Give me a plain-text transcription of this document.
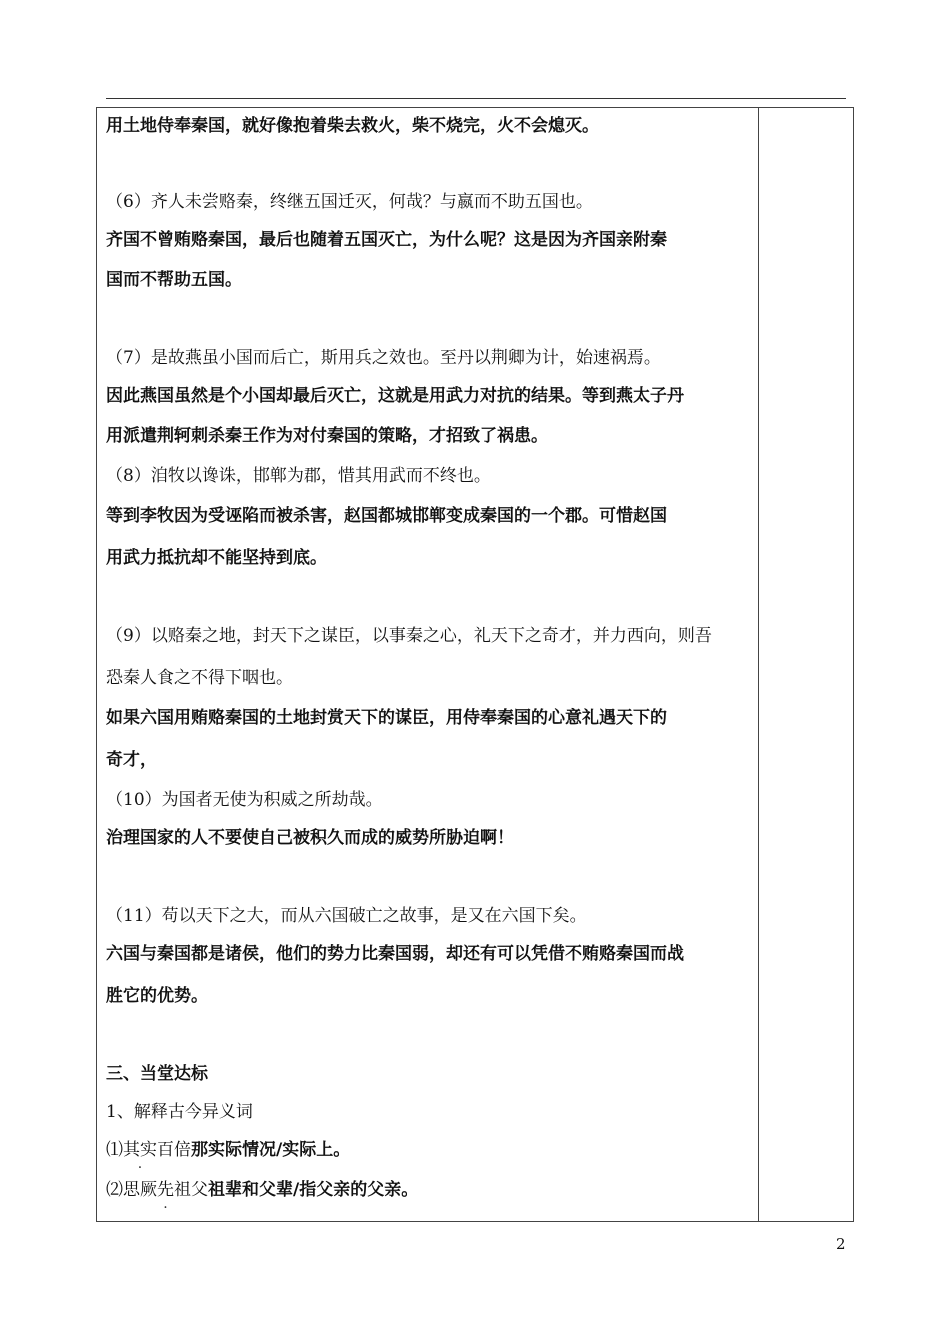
用土地侍奉秦国，就好像抱着柴去救火，柴不烧完，火不会熄灭。
（6）齐人未尝赂秦，终继五国迁灭，何哉？与嬴而不助五国也。
齐国不曾贿赂秦国，最后也随着五国灭亡，为什么呢？这是因为齐国亲附秦
国而不帮助五国。
（7）是故燕虽小国而后亡，斯用兵之效也。至丹以荆卿为计，始速祸焉。
因此燕国虽然是个小国却最后灭亡，这就是用武力对抗的结果。等到燕太子丹
用派遣荆轲刺杀秦王作为对付秦国的策略，才招致了祸患。
（8）洎牧以谗诛，邯郸为郡，惜其用武而不终也。
等到李牧因为受诬陷而被杀害，赵国都城邯郸变成秦国的一个郡。可惜赵国
用武力抵抗却不能坚持到底。
（9）以赂秦之地，封天下之谋臣，以事秦之心，礼天下之奇才，并力西向，则吾
恐秦人食之不得下咽也。
如果六国用贿赂秦国的土地封赏天下的谋臣，用侍奉秦国的心意礼遇天下的
奇才，
（10）为国者无使为积威之所劫哉。
治理国家的人不要使自己被积久而成的威势所胁迫啊！
（11）苟以天下之大，而从六国破亡之故事，是又在六国下矣。
六国与秦国都是诸侯，他们的势力比秦国弱，却还有可以凭借不贿赂秦国而战
胜它的优势。
三、当堂达标
1、解释古今异义词
⑴其实百倍那实际情况/实际上。
⑵思厥先祖父 ·祖辈和父辈/指父亲的父亲。
2
